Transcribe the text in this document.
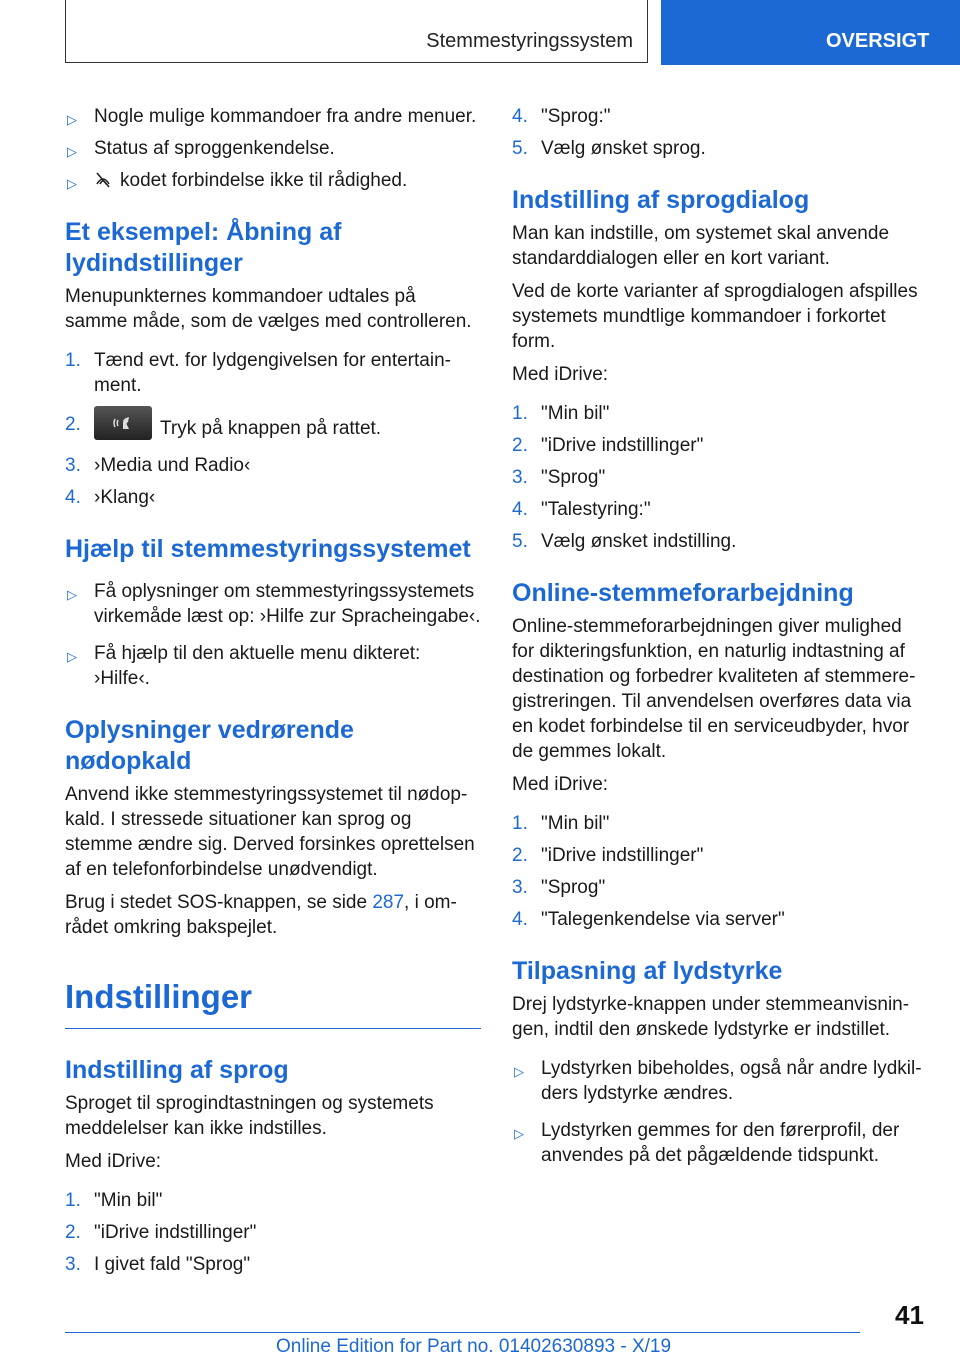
Stemmestyringssystem	OVERSIGT
▷ Nogle mulige kommandoer fra andre menuer.
▷ Status af sproggenkendelse.
▷ kodet forbindelse ikke til rådighed.
Et eksempel: Åbning af lydindstillinger

Menupunkternes kommandoer udtales på samme måde, som de vælges med controlleren.

1. Tænd evt. for lydgengivelsen for entertain-ment.
2.	Tryk på knappen på rattet.
3. ›Media und Radio‹
4. ›Klang‹
Hjælp til stemmestyringssystemet
▷ Få oplysninger om stemmestyringssystemets virkemåde læst op: ›Hilfe zur Spracheingabe‹.
▷ Få hjælp til den aktuelle menu dikteret: ›Hilfe‹.
Oplysninger vedrørende nødopkald

Anvend ikke stemmestyringssystemet til nødop-kald. I stressede situationer kan sprog og stemme ændre sig. Derved forsinkes oprettelsen af en telefonforbindelse unødvendigt.

Brug i stedet SOS-knappen, se side 287, i om-rådet omkring bakspejlet.

Indstillinger
Indstilling af sprog

Sproget til sprogindtastningen og systemets meddelelser kan ikke indstilles.

Med iDrive:

1. "Min bil"
2. "iDrive indstillinger"
3. I givet fald "Sprog"
4. "Sprog:"
5. Vælg ønsket sprog.
Indstilling af sprogdialog

Man kan indstille, om systemet skal anvende standarddialogen eller en kort variant.

Ved de korte varianter af sprogdialogen afspilles systemets mundtlige kommandoer i forkortet form.

Med iDrive:

1. "Min bil"
2. "iDrive indstillinger"
3. "Sprog"
4. "Talestyring:"
5. Vælg ønsket indstilling.
Online-stemmeforarbejdning

Online-stemmeforarbejdningen giver mulighed for dikteringsfunktion, en naturlig indtastning af destination og forbedrer kvaliteten af stemmere-gistreringen. Til anvendelsen overføres data via en kodet forbindelse til en serviceudbyder, hvor de gemmes lokalt.

Med iDrive:

1. "Min bil"
2. "iDrive indstillinger"
3. "Sprog"
4. "Talegenkendelse via server"
Tilpasning af lydstyrke

Drej lydstyrke-knappen under stemmeanvisnin-gen, indtil den ønskede lydstyrke er indstillet.

▷ Lydstyrken bibeholdes, også når andre lydkil-ders lydstyrke ændres.
▷ Lydstyrken gemmes for den førerprofil, der anvendes på det pågældende tidspunkt.
41
Online Edition for Part no. 01402630893 - X/19
